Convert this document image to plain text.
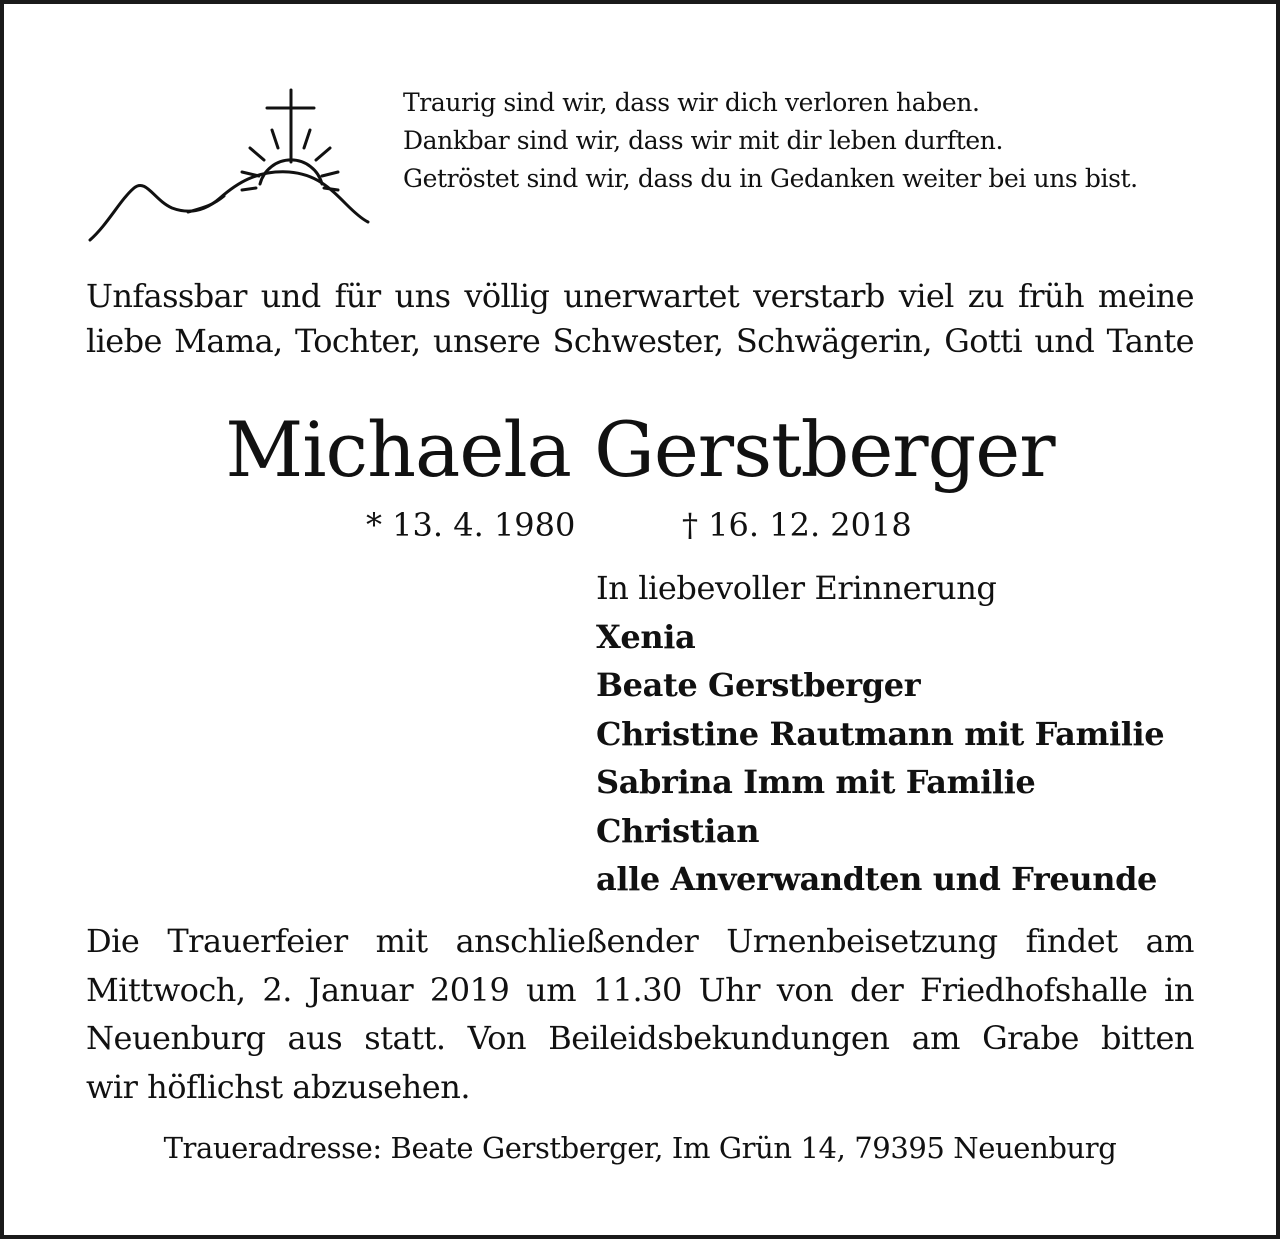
Traurig sind wir, dass wir dich verloren haben.
Dankbar sind wir, dass wir mit dir leben durften.
Getröstet sind wir, dass du in Gedanken weiter bei uns bist.
Unfassbar und für uns völlig unerwartet verstarb viel zu früh meine
liebe Mama, Tochter, unsere Schwester, Schwägerin, Gotti und Tante
Michaela Gerstberger
* 13. 4. 1980	† 16. 12. 2018
In liebevoller Erinnerung
Xenia
Beate Gerstberger
Christine Rautmann mit Familie
Sabrina Imm mit Familie
Christian
alle Anverwandten und Freunde
Die Trauerfeier mit anschließender Urnenbeisetzung findet am
Mittwoch, 2. Januar 2019 um 11.30 Uhr von der Friedhofshalle in
Neuenburg aus statt. Von Beileidsbekundungen am Grabe bitten
wir höflichst abzusehen.
Traueradresse: Beate Gerstberger, Im Grün 14, 79395 Neuenburg
